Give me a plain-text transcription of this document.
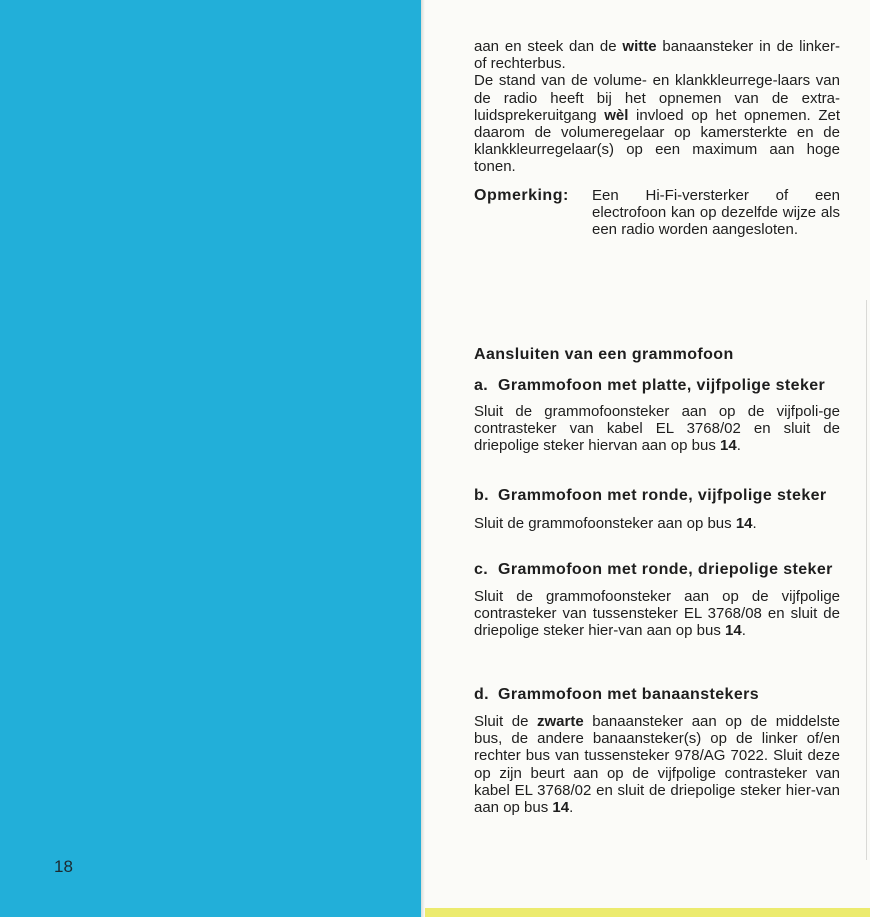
18

aan en steek dan de witte banaansteker in de linker- of rechterbus.

De stand van de volume- en klankkleurrege-laars van de radio heeft bij het opnemen van de extra-luidsprekeruitgang wèl invloed op het opnemen. Zet daarom de volumeregelaar op kamersterkte en de klankkleurregelaar(s) op een maximum aan hoge tonen.

Opmerking:	Een Hi-Fi-versterker of een electrofoon kan op dezelfde wijze als een radio worden aangesloten.

Aansluiten van een grammofoon

a. Grammofoon met platte, vijfpolige steker

Sluit de grammofoonsteker aan op de vijfpoli-ge contrasteker van kabel EL 3768/02 en sluit de driepolige steker hiervan aan op bus 14.

b. Grammofoon met ronde, vijfpolige steker

Sluit de grammofoonsteker aan op bus 14.

c. Grammofoon met ronde, driepolige steker

Sluit de grammofoonsteker aan op de vijfpolige contrasteker van tussensteker EL 3768/08 en sluit de driepolige steker hier-van aan op bus 14.

d. Grammofoon met banaanstekers

Sluit de zwarte banaansteker aan op de middelste bus, de andere banaansteker(s) op de linker of/en rechter bus van tussensteker 978/AG 7022. Sluit deze op zijn beurt aan op de vijfpolige contrasteker van kabel EL 3768/02 en sluit de driepolige steker hier-van aan op bus 14.
